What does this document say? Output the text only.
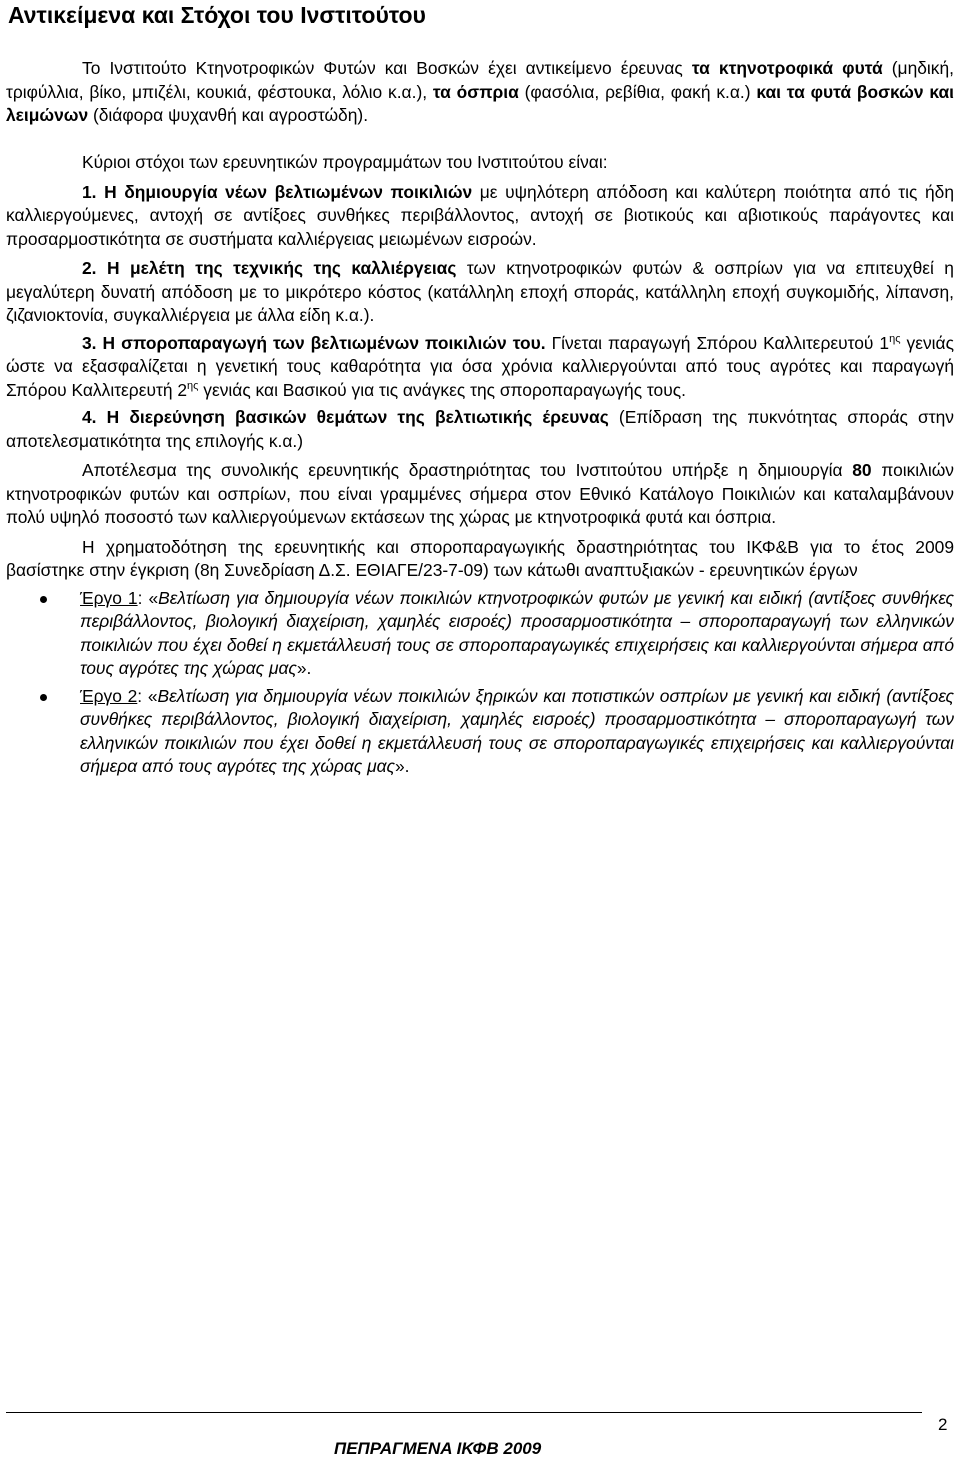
Αντικείμενα και Στόχοι του Ινστιτούτου

Το Ινστιτούτο Κτηνοτροφικών Φυτών και Βοσκών έχει αντικείμενο έρευνας τα κτηνοτροφικά φυτά (μηδική, τριφύλλια, βίκο, μπιζέλι, κουκιά, φέστουκα, λόλιο κ.α.), τα όσπρια (φασόλια, ρεβίθια, φακή κ.α.) και τα φυτά βοσκών και λειμώνων (διάφορα ψυχανθή και αγροστώδη).

Κύριοι στόχοι των ερευνητικών προγραμμάτων του Ινστιτούτου είναι:

1. Η δημιουργία νέων βελτιωμένων ποικιλιών με υψηλότερη απόδοση και καλύτερη ποιότητα από τις ήδη καλλιεργούμενες, αντοχή σε αντίξοες συνθήκες περιβάλλοντος, αντοχή σε βιοτικούς και αβιοτικούς παράγοντες και προσαρμοστικότητα σε συστήματα καλλιέργειας μειωμένων εισροών.

2. Η μελέτη της τεχνικής της καλλιέργειας των κτηνοτροφικών φυτών & οσπρίων για να επιτευχθεί η μεγαλύτερη δυνατή απόδοση με το μικρότερο κόστος (κατάλληλη εποχή σποράς, κατάλληλη εποχή συγκομιδής, λίπανση, ζιζανιοκτονία, συγκαλλιέργεια με άλλα είδη κ.α.).

3. Η σποροπαραγωγή των βελτιωμένων ποικιλιών του. Γίνεται παραγωγή Σπόρου Καλλιτερευτού $1^{\eta\varsigma}$ γενιάς ώστε να εξασφαλίζεται η γενετική τους καθαρότητα για όσα χρόνια καλλιεργούνται από τους αγρότες και παραγωγή Σπόρου Καλλιτερευτή $2^{\eta\varsigma}$ γενιάς και Βασικού για τις ανάγκες της σποροπαραγωγής τους.

4. Η διερεύνηση βασικών θεμάτων της βελτιωτικής έρευνας (Επίδραση της πυκνότητας σποράς στην αποτελεσματικότητα της επιλογής κ.α.)

Αποτέλεσμα της συνολικής ερευνητικής δραστηριότητας του Ινστιτούτου υπήρξε η δημιουργία 80 ποικιλιών κτηνοτροφικών φυτών και οσπρίων, που είναι γραμμένες σήμερα στον Εθνικό Κατάλογο Ποικιλιών και καταλαμβάνουν πολύ υψηλό ποσοστό των καλλιεργούμενων εκτάσεων της χώρας με κτηνοτροφικά φυτά και όσπρια.

Η χρηματοδότηση της ερευνητικής και σποροπαραγωγικής δραστηριότητας του ΙΚΦ&Β για το έτος 2009 βασίστηκε στην έγκριση (8η Συνεδρίαση Δ.Σ. ΕΘΙΑΓΕ/23-7-09) των κάτωθι αναπτυξιακών - ερευνητικών έργων

Έργο 1: «Βελτίωση για δημιουργία νέων ποικιλιών κτηνοτροφικών φυτών με γενική και ειδική (αντίξοες συνθήκες περιβάλλοντος, βιολογική διαχείριση, χαμηλές εισροές) προσαρμοστικότητα – σποροπαραγωγή των ελληνικών ποικιλιών που έχει δοθεί η εκμετάλλευσή τους σε σποροπαραγωγικές επιχειρήσεις και καλλιεργούνται σήμερα από τους αγρότες της χώρας μας».
Έργο 2: «Βελτίωση για δημιουργία νέων ποικιλιών ξηρικών και ποτιστικών οσπρίων με γενική και ειδική (αντίξοες συνθήκες περιβάλλοντος, βιολογική διαχείριση, χαμηλές εισροές) προσαρμοστικότητα – σποροπαραγωγή των ελληνικών ποικιλιών που έχει δοθεί η εκμετάλλευσή τους σε σποροπαραγωγικές επιχειρήσεις και καλλιεργούνται σήμερα από τους αγρότες της χώρας μας».
2
ΠΕΠΡΑΓΜΕΝΑ ΙΚΦΒ 2009
